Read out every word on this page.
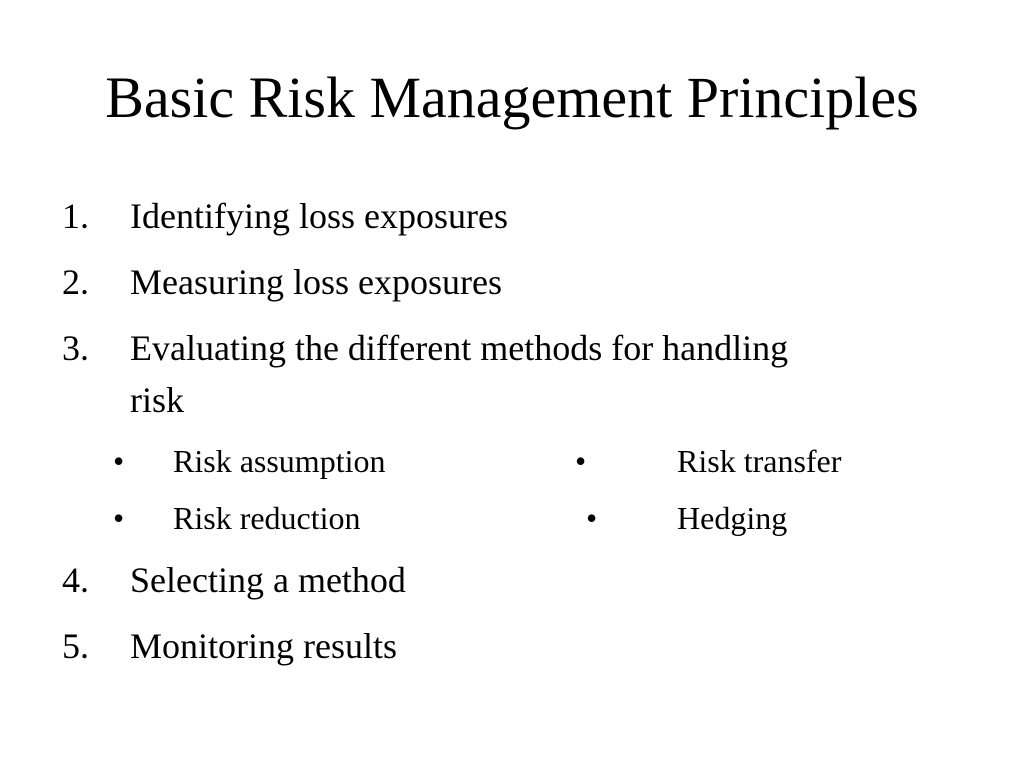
Basic Risk Management Principles
1. Identifying loss exposures
2. Measuring loss exposures
3. Evaluating the different methods for handling
risk
• Risk assumption	•	Risk transfer
• Risk reduction	• Hedging
4. Selecting a method
5. Monitoring results
